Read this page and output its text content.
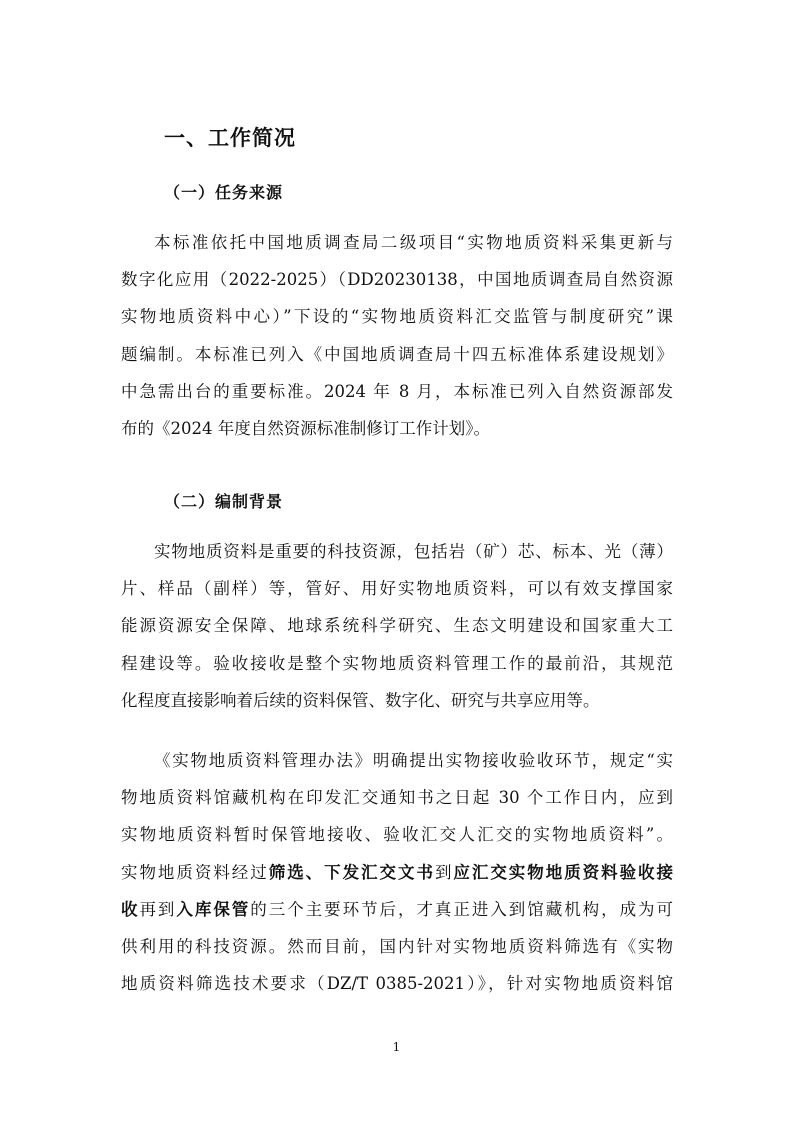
一、工作简况
（一）任务来源
本标准依托中国地质调查局二级项目“实物地质资料采集更新与
数字化应用（2022-2025）（DD20230138，中国地质调查局自然资源
实物地质资料中心）”下设的“实物地质资料汇交监管与制度研究”课
题编制。本标准已列入《中国地质调查局十四五标准体系建设规划》
中急需出台的重要标准。2024 年 8 月，本标准已列入自然资源部发
布的《2024 年度自然资源标准制修订工作计划》。
（二）编制背景
实物地质资料是重要的科技资源，包括岩（矿）芯、标本、光（薄）
片、样品（副样）等，管好、用好实物地质资料，可以有效支撑国家
能源资源安全保障、地球系统科学研究、生态文明建设和国家重大工
程建设等。验收接收是整个实物地质资料管理工作的最前沿，其规范
化程度直接影响着后续的资料保管、数字化、研究与共享应用等。
《实物地质资料管理办法》明确提出实物接收验收环节，规定“实
物地质资料馆藏机构在印发汇交通知书之日起 30 个工作日内，应到
实物地质资料暂时保管地接收、验收汇交人汇交的实物地质资料”。
实物地质资料经过筛选、下发汇交文书到应汇交实物地质资料验收接
收再到入库保管的三个主要环节后，才真正进入到馆藏机构，成为可
供利用的科技资源。然而目前，国内针对实物地质资料筛选有《实物
地质资料筛选技术要求（DZ/T 0385-2021）》，针对实物地质资料馆
1
